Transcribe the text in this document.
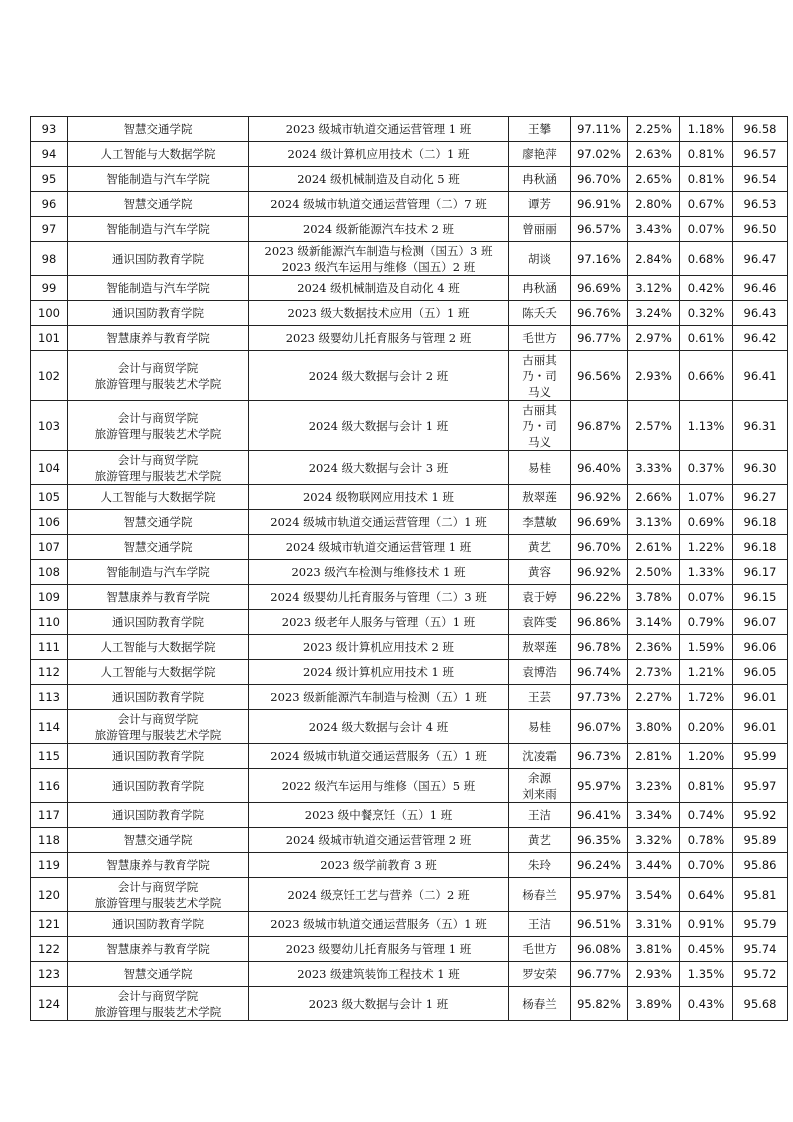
93	智慧交通学院	2023 级城市轨道交通运营管理 1 班	王攀	97.11%	2.25%	1.18%	96.58
94	人工智能与大数据学院	2024 级计算机应用技术（二）1 班	廖艳萍	97.02%	2.63%	0.81%	96.57
95	智能制造与汽车学院	2024 级机械制造及自动化 5 班	冉秋涵	96.70%	2.65%	0.81%	96.54
96	智慧交通学院	2024 级城市轨道交通运营管理（二）7 班	谭芳	96.91%	2.80%	0.67%	96.53
97	智能制造与汽车学院	2024 级新能源汽车技术 2 班	曾丽丽	96.57%	3.43%	0.07%	96.50
98	通识国防教育学院	2023 级新能源汽车制造与检测（国五）3 班
2023 级汽车运用与维修（国五）2 班	胡谈	97.16%	2.84%	0.68%	96.47
99	智能制造与汽车学院	2024 级机械制造及自动化 4 班	冉秋涵	96.69%	3.12%	0.42%	96.46
100	通识国防教育学院	2023 级大数据技术应用（五）1 班	陈夭夭	96.76%	3.24%	0.32%	96.43
101	智慧康养与教育学院	2023 级婴幼儿托育服务与管理 2 班	毛世方	96.77%	2.97%	0.61%	96.42
102	会计与商贸学院
旅游管理与服装艺术学院	2024 级大数据与会计 2 班	古丽其
乃・司
马义	96.56%	2.93%	0.66%	96.41
103	会计与商贸学院
旅游管理与服装艺术学院	2024 级大数据与会计 1 班	古丽其
乃・司
马义	96.87%	2.57%	1.13%	96.31
104	会计与商贸学院
旅游管理与服装艺术学院	2024 级大数据与会计 3 班	易桂	96.40%	3.33%	0.37%	96.30
105	人工智能与大数据学院	2024 级物联网应用技术 1 班	敖翠莲	96.92%	2.66%	1.07%	96.27
106	智慧交通学院	2024 级城市轨道交通运营管理（二）1 班	李慧敏	96.69%	3.13%	0.69%	96.18
107	智慧交通学院	2024 级城市轨道交通运营管理 1 班	黄艺	96.70%	2.61%	1.22%	96.18
108	智能制造与汽车学院	2023 级汽车检测与维修技术 1 班	黄容	96.92%	2.50%	1.33%	96.17
109	智慧康养与教育学院	2024 级婴幼儿托育服务与管理（二）3 班	袁于婷	96.22%	3.78%	0.07%	96.15
110	通识国防教育学院	2023 级老年人服务与管理（五）1 班	袁阵雯	96.86%	3.14%	0.79%	96.07
111	人工智能与大数据学院	2023 级计算机应用技术 2 班	敖翠莲	96.78%	2.36%	1.59%	96.06
112	人工智能与大数据学院	2024 级计算机应用技术 1 班	袁博浩	96.74%	2.73%	1.21%	96.05
113	通识国防教育学院	2023 级新能源汽车制造与检测（五）1 班	王芸	97.73%	2.27%	1.72%	96.01
114	会计与商贸学院
旅游管理与服装艺术学院	2024 级大数据与会计 4 班	易桂	96.07%	3.80%	0.20%	96.01
115	通识国防教育学院	2024 级城市轨道交通运营服务（五）1 班	沈凌霜	96.73%	2.81%	1.20%	95.99
116	通识国防教育学院	2022 级汽车运用与维修（国五）5 班	余源
刘来雨	95.97%	3.23%	0.81%	95.97
117	通识国防教育学院	2023 级中餐烹饪（五）1 班	王洁	96.41%	3.34%	0.74%	95.92
118	智慧交通学院	2024 级城市轨道交通运营管理 2 班	黄艺	96.35%	3.32%	0.78%	95.89
119	智慧康养与教育学院	2023 级学前教育 3 班	朱玲	96.24%	3.44%	0.70%	95.86
120	会计与商贸学院
旅游管理与服装艺术学院	2024 级烹饪工艺与营养（二）2 班	杨春兰	95.97%	3.54%	0.64%	95.81
121	通识国防教育学院	2023 级城市轨道交通运营服务（五）1 班	王洁	96.51%	3.31%	0.91%	95.79
122	智慧康养与教育学院	2023 级婴幼儿托育服务与管理 1 班	毛世方	96.08%	3.81%	0.45%	95.74
123	智慧交通学院	2023 级建筑装饰工程技术 1 班	罗安荣	96.77%	2.93%	1.35%	95.72
124	会计与商贸学院
旅游管理与服装艺术学院	2023 级大数据与会计 1 班	杨春兰	95.82%	3.89%	0.43%	95.68
